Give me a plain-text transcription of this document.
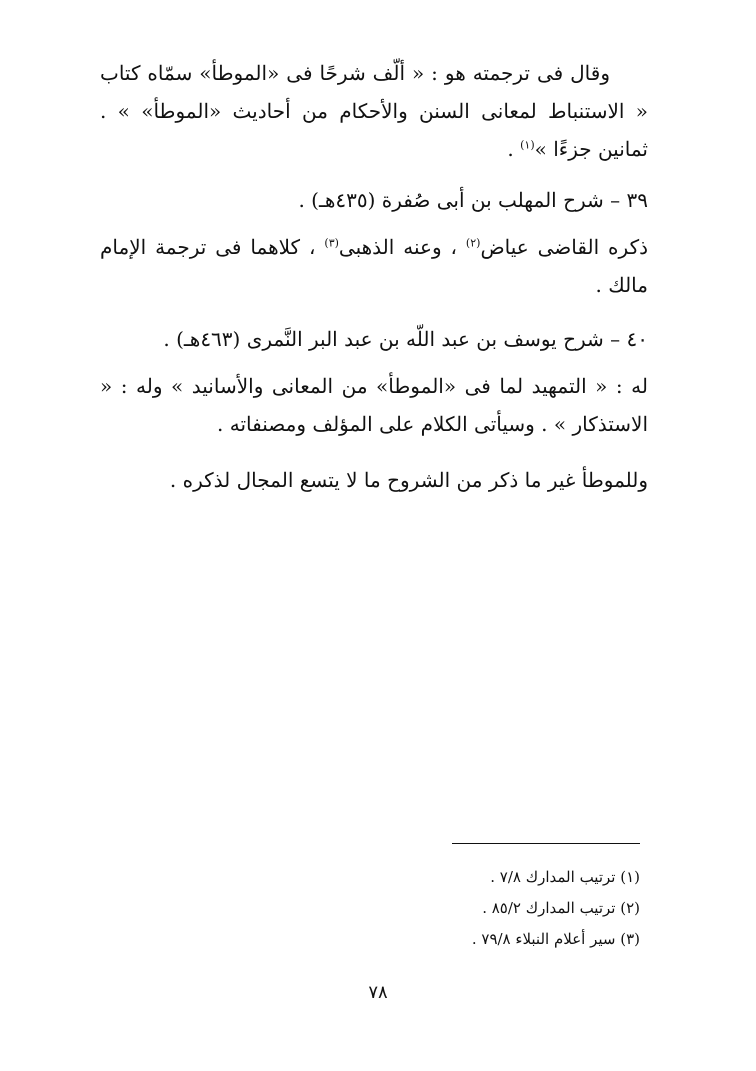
وقال فى ترجمته هو : « ألّف شرحًا فى «الموطأ» سمّاه كتاب « الاستنباط لمعانى السنن والأحكام من أحاديث «الموطأ» » . ثمانين جزءًا »$^{(١)}$ .

٣٩ – شرح المهلب بن أبى صُفرة (٤٣٥هـ) .

ذكره القاضى عياض$^{(٢)}$ ، وعنه الذهبى$^{(٣)}$ ، كلاهما فى ترجمة الإمام مالك .

٤٠ – شرح يوسف بن عبد اللّه بن عبد البر النَّمرى (٤٦٣هـ) .

له : « التمهيد لما فى «الموطأ» من المعانى والأسانيد » وله : « الاستذكار » . وسيأتى الكلام على المؤلف ومصنفاته .

وللموطأ غير ما ذكر من الشروح ما لا يتسع المجال لذكره .
(١) ترتيب المدارك ٧/٨ .
(٢) ترتيب المدارك ٨٥/٢ .
(٣) سير أعلام النبلاء ٧٩/٨ .
٧٨
